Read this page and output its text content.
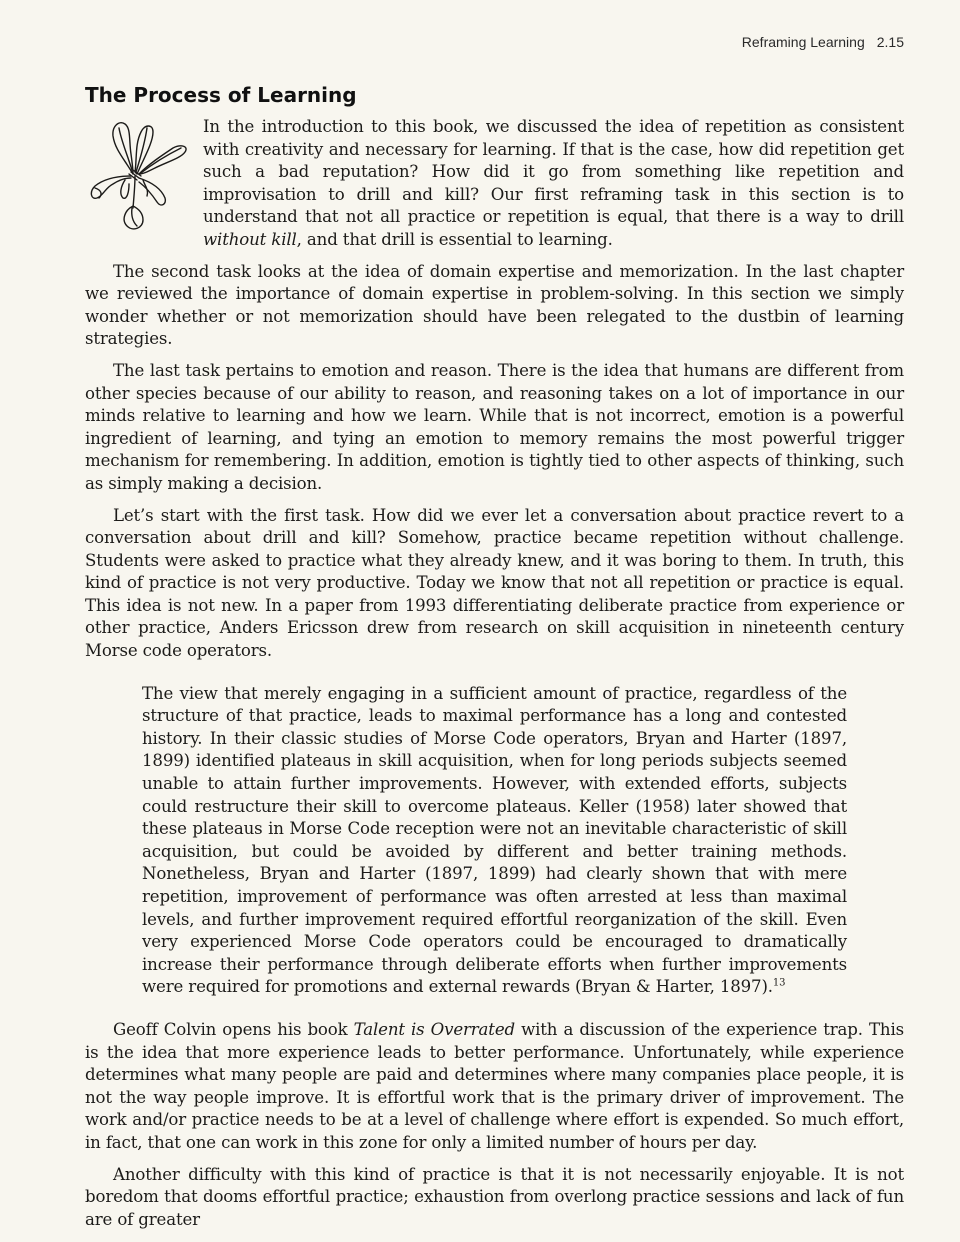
Reframing Learning 2.15
The Process of Learning

In the introduction to this book, we discussed the idea of repetition as consistent with creativity and necessary for learning. If that is the case, how did repetition get such a bad reputation? How did it go from something like repetition and improvisation to drill and kill? Our first reframing task in this section is to understand that not all practice or repetition is equal, that there is a way to drill without kill, and that drill is essential to learning.

The second task looks at the idea of domain expertise and memorization. In the last chapter we reviewed the importance of domain expertise in problem-solving. In this section we simply wonder whether or not memorization should have been relegated to the dustbin of learning strategies.

The last task pertains to emotion and reason. There is the idea that humans are different from other species because of our ability to reason, and reasoning takes on a lot of importance in our minds relative to learning and how we learn. While that is not incorrect, emotion is a powerful ingredient of learning, and tying an emotion to memory remains the most powerful trigger mechanism for remembering. In addition, emotion is tightly tied to other aspects of thinking, such as simply making a decision.

Let’s start with the first task. How did we ever let a conversation about practice revert to a conversation about drill and kill? Somehow, practice became repetition without challenge. Students were asked to practice what they already knew, and it was boring to them. In truth, this kind of practice is not very productive. Today we know that not all repetition or practice is equal. This idea is not new. In a paper from 1993 differentiating deliberate practice from experience or other practice, Anders Ericsson drew from research on skill acquisition in nineteenth century Morse code operators.

The view that merely engaging in a sufficient amount of practice, regardless of the structure of that practice, leads to maximal performance has a long and contested history. In their classic studies of Morse Code operators, Bryan and Harter (1897, 1899) identified plateaus in skill acquisition, when for long periods subjects seemed unable to attain further improvements. However, with extended efforts, subjects could restructure their skill to overcome plateaus. Keller (1958) later showed that these plateaus in Morse Code reception were not an inevitable characteristic of skill acquisition, but could be avoided by different and better training methods. Nonetheless, Bryan and Harter (1897, 1899) had clearly shown that with mere repetition, improvement of performance was often arrested at less than maximal levels, and further improvement required effortful reorganization of the skill. Even very experienced Morse Code operators could be encouraged to dramatically increase their performance through deliberate efforts when further improvements were required for promotions and external rewards (Bryan & Harter, 1897).$^{13}$

Geoff Colvin opens his book Talent is Overrated with a discussion of the experience trap. This is the idea that more experience leads to better performance. Unfortunately, while experience determines what many people are paid and determines where many companies place people, it is not the way people improve. It is effortful work that is the primary driver of improvement. The work and/or practice needs to be at a level of challenge where effort is expended. So much effort, in fact, that one can work in this zone for only a limited number of hours per day.

Another difficulty with this kind of practice is that it is not necessarily enjoyable. It is not boredom that dooms effortful practice; exhaustion from overlong practice sessions and lack of fun are of greater
